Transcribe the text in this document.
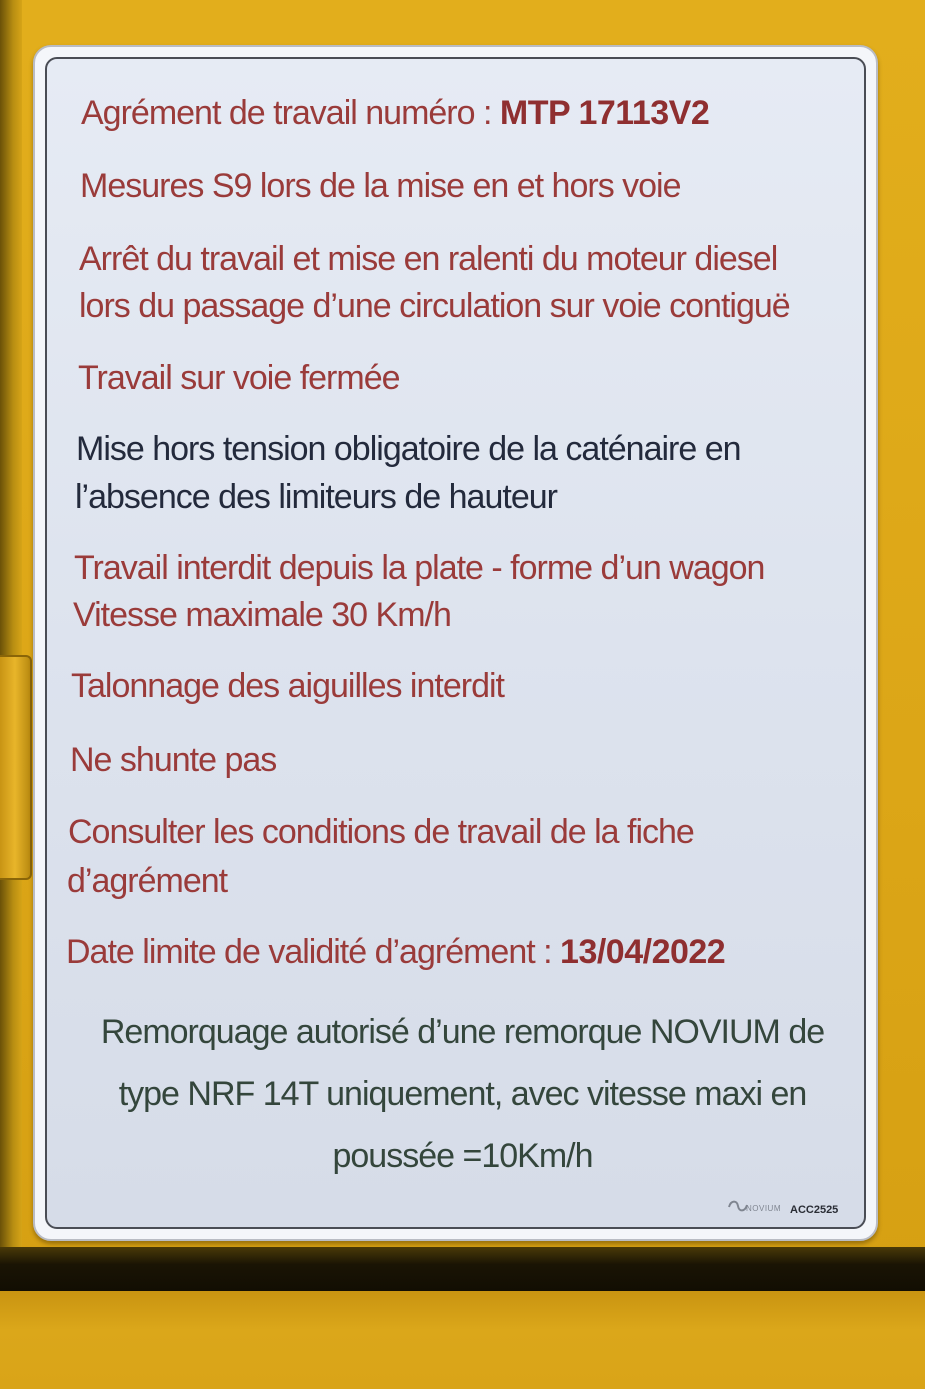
Agrément de travail numéro : MTP 17113V2
Mesures S9 lors de la mise en et hors voie
Arrêt du travail et mise en ralenti du moteur diesel
lors du passage d’une circulation sur voie contiguë
Travail sur voie fermée
Mise hors tension obligatoire de la caténaire en
l’absence des limiteurs de hauteur
Travail interdit depuis la plate - forme d’un wagon
Vitesse maximale 30 Km/h
Talonnage des aiguilles interdit
Ne shunte pas
Consulter les conditions de travail de la fiche
d’agrément
Date limite de validité d’agrément : 13/04/2022
Remorquage autorisé d’une remorque NOVIUM de
type NRF 14T uniquement, avec vitesse maxi en
poussée =10Km/h
NOVIUM ACC2525
